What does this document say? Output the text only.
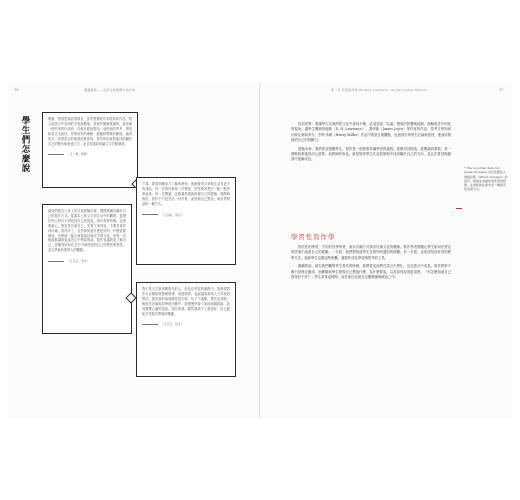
16	邊讀邊寫——在學生的期望中找方向
學生們怎麼說	閱讀，特別是讀品質精良、富有想像的作家經典的作品，對人從語言中得到的享受與價值，是幾乎無窮無盡的。當你讀一個作家的作品時，你就在跟他對話；他把他的思考、感受和語言交給你，你則用你的理解、經驗和想像回應他。讀得愈多，你對語言的敏感度就愈高，寫作時也就愈能找到屬於自己的聲音與表達方式，並且知道如何讓文字打動讀者。

（王一鳴，教授）

下課，要寫到睡前才了解的時刻，逐漸覺得文章與生活有更多的連結。每一次寫作都是一次整理，把零散的想法一點一點拼湊起來；每一次閱讀，也都讓我重新檢視自己的經驗。我開始相信，寫作不只是交出一份作業，而是與自己對話、與世界對話的一種方式。

（王以如，學生）

讓我們從自己身上的日常經驗出發，慢慢建構出屬於自己的寫作方式。從書本上的文字到生活中的觀察，從模仿別人的句子到找到自己的語氣，寫作需要時間，也需要耐心。我常常告訴自己，先寫下來再說，不要急著評判好壞。寫得多了，自然會知道什麼是好的、什麼需要修改。有時候一篇文章要改好幾次才算完成，但每一次修改都讓我更接近心中想說的話。寫作也讓我更了解自己，更懂得如何在文字中誠實面對自己的想法與感受，並且學會欣賞別人的觀點。

（王以凡，學生）

我不是天生就喜歡寫作的人，但是在學習的過程中，我發現寫作可以幫助我整理思緒、表達情感，也能讓我和別人分享我的想法。最初寫的東西總是很生硬，句子不通順，想法也零散；後來在老師和同學的回饋中，我慢慢學會了如何組織段落、如何選擇合適的詞語。現在的我，雖然還談不上寫得好，但已經能享受寫作帶來的樂趣。

（王以凡，學生）
第一章 學習寫作者 Writing Learners: On Becoming Writers	17

性別差異：要讓學生在我們的文化中尋找平衡，必須認清「乳處」帶來的影響與區隔，理解寫作中的性別視角。讓學生閱讀勞倫斯（D. H. Lawrence）、喬伊斯（James Joyce）等作家的作品，思考文學如何反映社會與身分。亨利·米勒（Henry Miller）作品中的語言與觀點，也值得引導學生討論與批判，進而培養他們自己的判斷力。

透過本章，我們希望提醒學生，寫作是一個需要持續學習的過程。從模仿到創造，從閱讀到書寫，每一個階段都值得用心經營；而教師的角色，就是陪伴學生在這段旅程中找到屬於自己的方向，並且在嘗試與錯誤中逐漸成長。

學習性寫作學

對於性的學習，不同於性學學者，會以各種方式探討性與文化的關係。寫作學者則關心學生如何在特定的語境中表達自己的經驗。一方面，他們想知道學生在寫作時遇到的困難；另一方面，也希望找到有效的教學方法，協助學生克服這些困難，讓寫作成為學習與思考的工具。

謝爾的說，就在我們觀察學生寫作的時候，我們看見他們在語言中掙扎，也在語言中成長。寫作教學不應只是修正錯誤，而應幫助學生發現自己想說什麼、為什麼要說，以及如何說得更清楚。「你怎麼知道自己寫得好不好？」學生常常這樣問，而答案往往就在反覆閱讀與修改之中。

* The love that dare not speak its name 出自英國詩人道格拉斯（Alfred Douglas）的詩句，後來成為描述同性戀的隱語，在當時的社會中是一種禁忌的表達方式。
